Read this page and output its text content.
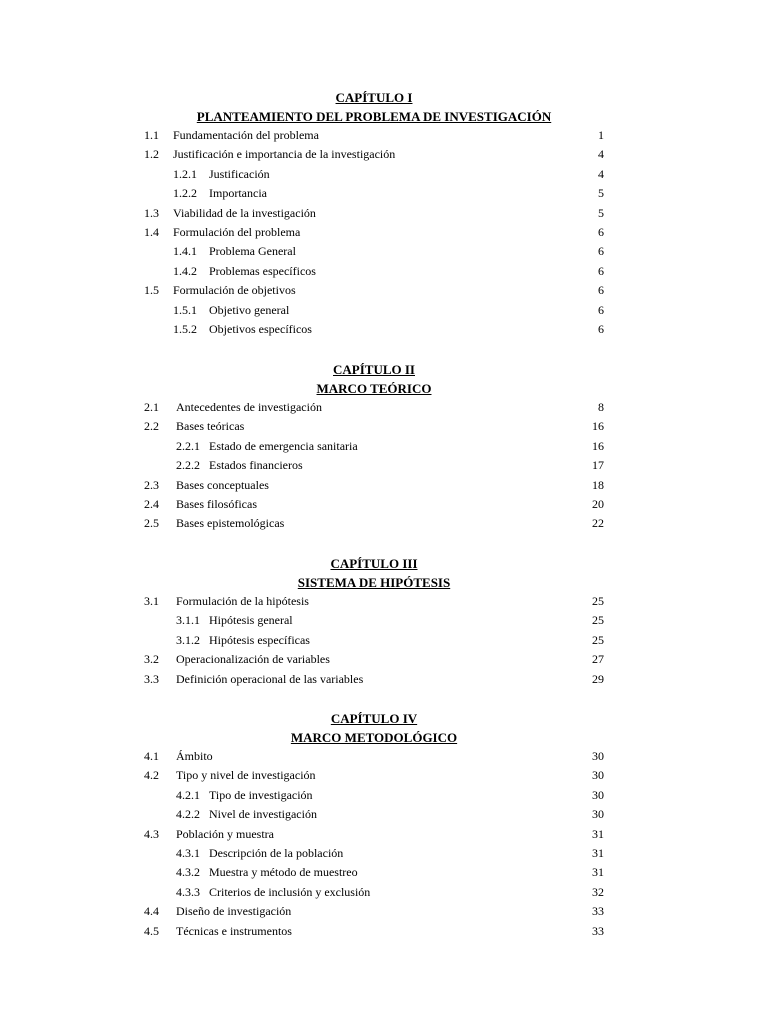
CAPÍTULO I
PLANTEAMIENTO DEL PROBLEMA DE INVESTIGACIÓN
1.1 Fundamentación del problema	1
1.2 Justificación e importancia de la investigación	4
1.2.1 Justificación	4
1.2.2 Importancia	5
1.3 Viabilidad de la investigación	5
1.4 Formulación del problema	6
1.4.1 Problema General	6
1.4.2 Problemas específicos	6
1.5 Formulación de objetivos	6
1.5.1 Objetivo general	6
1.5.2 Objetivos específicos	6
CAPÍTULO II
MARCO TEÓRICO
2.1 Antecedentes de investigación	8
2.2 Bases teóricas	16
2.2.1 Estado de emergencia sanitaria	16
2.2.2 Estados financieros	17
2.3 Bases conceptuales	18
2.4 Bases filosóficas	20
2.5 Bases epistemológicas	22
CAPÍTULO III
SISTEMA DE HIPÓTESIS
3.1 Formulación de la hipótesis	25
3.1.1 Hipótesis general	25
3.1.2 Hipótesis específicas	25
3.2 Operacionalización de variables	27
3.3 Definición operacional de las variables	29
CAPÍTULO IV
MARCO METODOLÓGICO
4.1 Ámbito	30
4.2 Tipo y nivel de investigación	30
4.2.1 Tipo de investigación	30
4.2.2 Nivel de investigación	30
4.3 Población y muestra	31
4.3.1 Descripción de la población	31
4.3.2 Muestra y método de muestreo	31
4.3.3 Criterios de inclusión y exclusión	32
4.4 Diseño de investigación	33
4.5 Técnicas e instrumentos	33
